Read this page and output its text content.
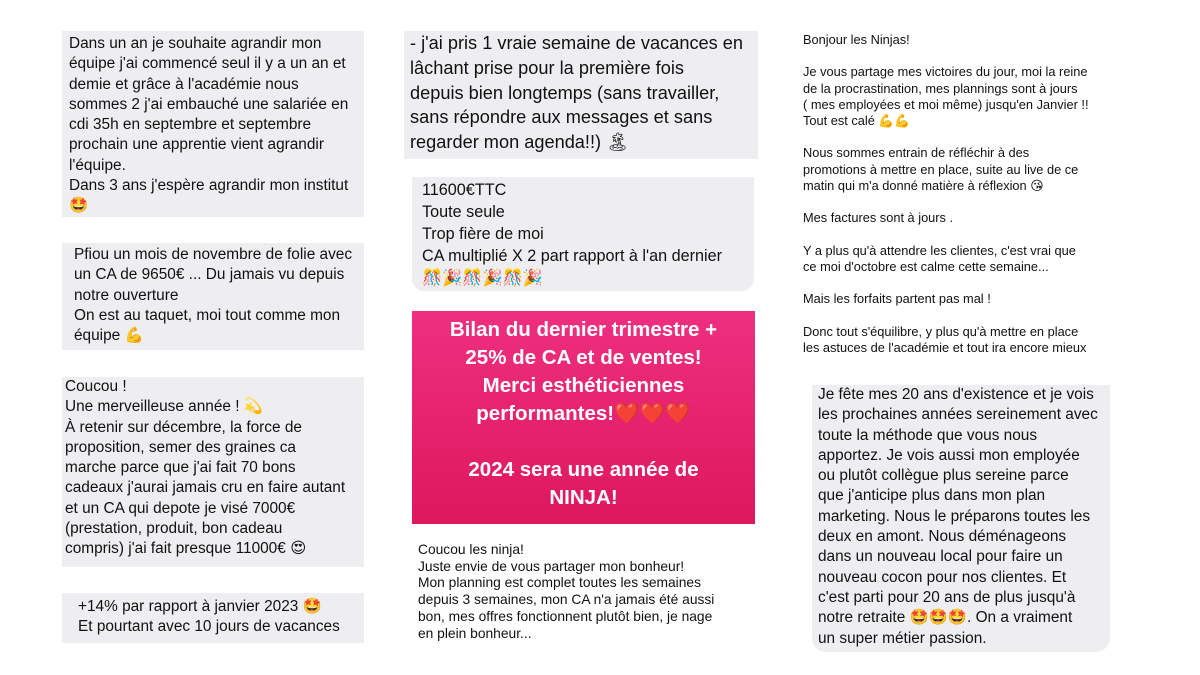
Dans un an je souhaite agrandir mon
équipe j'ai commencé seul il y a un an et
demie et grâce à l'académie nous
sommes 2 j'ai embauché une salariée en
cdi 35h en septembre et septembre
prochain une apprentie vient agrandir
l'équipe.
Dans 3 ans j'espère agrandir mon institut
🤩
Pfiou un mois de novembre de folie avec
un CA de 9650€ ... Du jamais vu depuis
notre ouverture
On est au taquet, moi tout comme mon
équipe 💪
Coucou !
Une merveilleuse année ! 💫
À retenir sur décembre, la force de
proposition, semer des graines ca
marche parce que j'ai fait 70 bons
cadeaux j'aurai jamais cru en faire autant
et un CA qui depote je visé 7000€
(prestation, produit, bon cadeau
compris) j'ai fait presque 11000€ 😍
+14% par rapport à janvier 2023 🤩
Et pourtant avec 10 jours de vacances
- j'ai pris 1 vraie semaine de vacances en
lâchant prise pour la première fois
depuis bien longtemps (sans travailler,
sans répondre aux messages et sans
regarder mon agenda!!) 🏝
11600€TTC
Toute seule
Trop fière de moi
CA multiplié X 2 part rapport à l'an dernier
🎊🎉🎊🎉🎊🎉
Bilan du dernier trimestre +
25% de CA et de ventes!
Merci esthéticiennes
performantes!❤️❤️❤️

2024 sera une année de
NINJA!
Coucou les ninja!
Juste envie de vous partager mon bonheur!
Mon planning est complet toutes les semaines
depuis 3 semaines, mon CA n'a jamais été aussi
bon, mes offres fonctionnent plutôt bien, je nage
en plein bonheur...
Bonjour les Ninjas!

Je vous partage mes victoires du jour, moi la reine
de la procrastination, mes plannings sont à jours
( mes employées et moi même) jusqu'en Janvier !!
Tout est calé 💪💪

Nous sommes entrain de réfléchir à des
promotions à mettre en place, suite au live de ce
matin qui m'a donné matière à réflexion 😘

Mes factures sont à jours .

Y a plus qu'à attendre les clientes, c'est vrai que
ce moi d'octobre est calme cette semaine...

Mais les forfaits partent pas mal !

Donc tout s'équilibre, y plus qu'à mettre en place
les astuces de l'académie et tout ira encore mieux
Je fête mes 20 ans d'existence et je vois
les prochaines années sereinement avec
toute la méthode que vous nous
apportez. Je vois aussi mon employée
ou plutôt collègue plus sereine parce
que j'anticipe plus dans mon plan
marketing. Nous le préparons toutes les
deux en amont. Nous déménageons
dans un nouveau local pour faire un
nouveau cocon pour nos clientes. Et
c'est parti pour 20 ans de plus jusqu'à
notre retraite 🤩🤩🤩. On a vraiment
un super métier passion.
